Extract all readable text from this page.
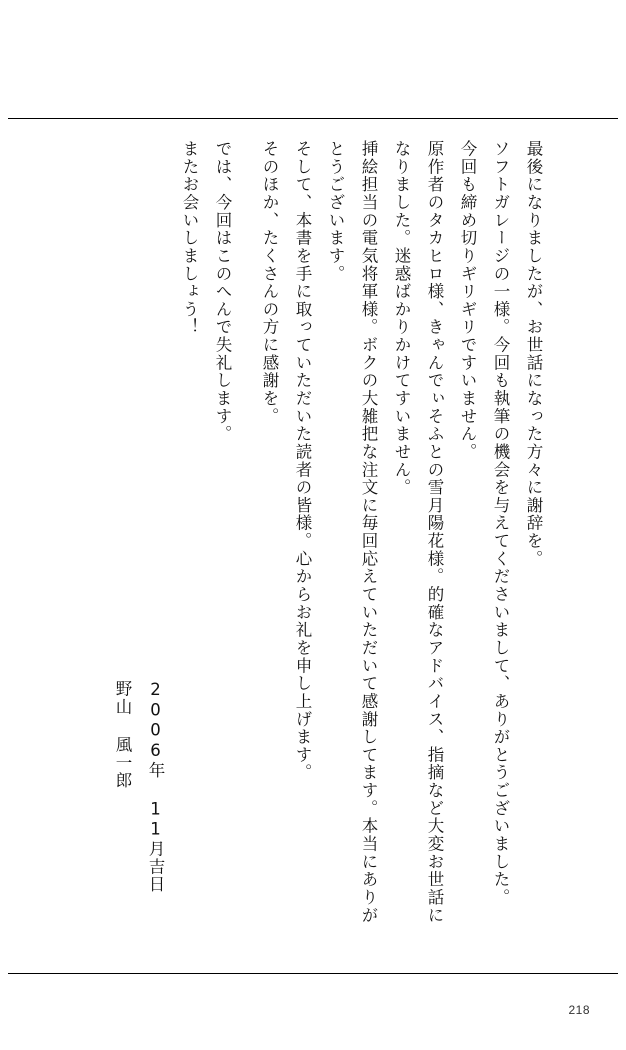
最後になりましたが、お世話になった方々に謝辞を。

ソフトガレージの一様。今回も執筆の機会を与えてくださいまして、ありがとうございました。

今回も締め切りギリギリですいません。

原作者のタカヒロ様、きゃんでぃそふとの雪月陽花様。的確なアドバイス、指摘など大変お世話になりました。迷惑ばかりかけてすいません。

挿絵担当の電気将軍様。ボクの大雑把な注文に毎回応えていただいて感謝してます。本当にありがとうございます。

そして、本書を手に取っていただいた読者の皆様。心からお礼を申し上げます。

そのほか、たくさんの方に感謝を。

では、今回はこのへんで失礼します。

またお会いしましょう！

2006年 11月吉日

野山 風一郎

218
